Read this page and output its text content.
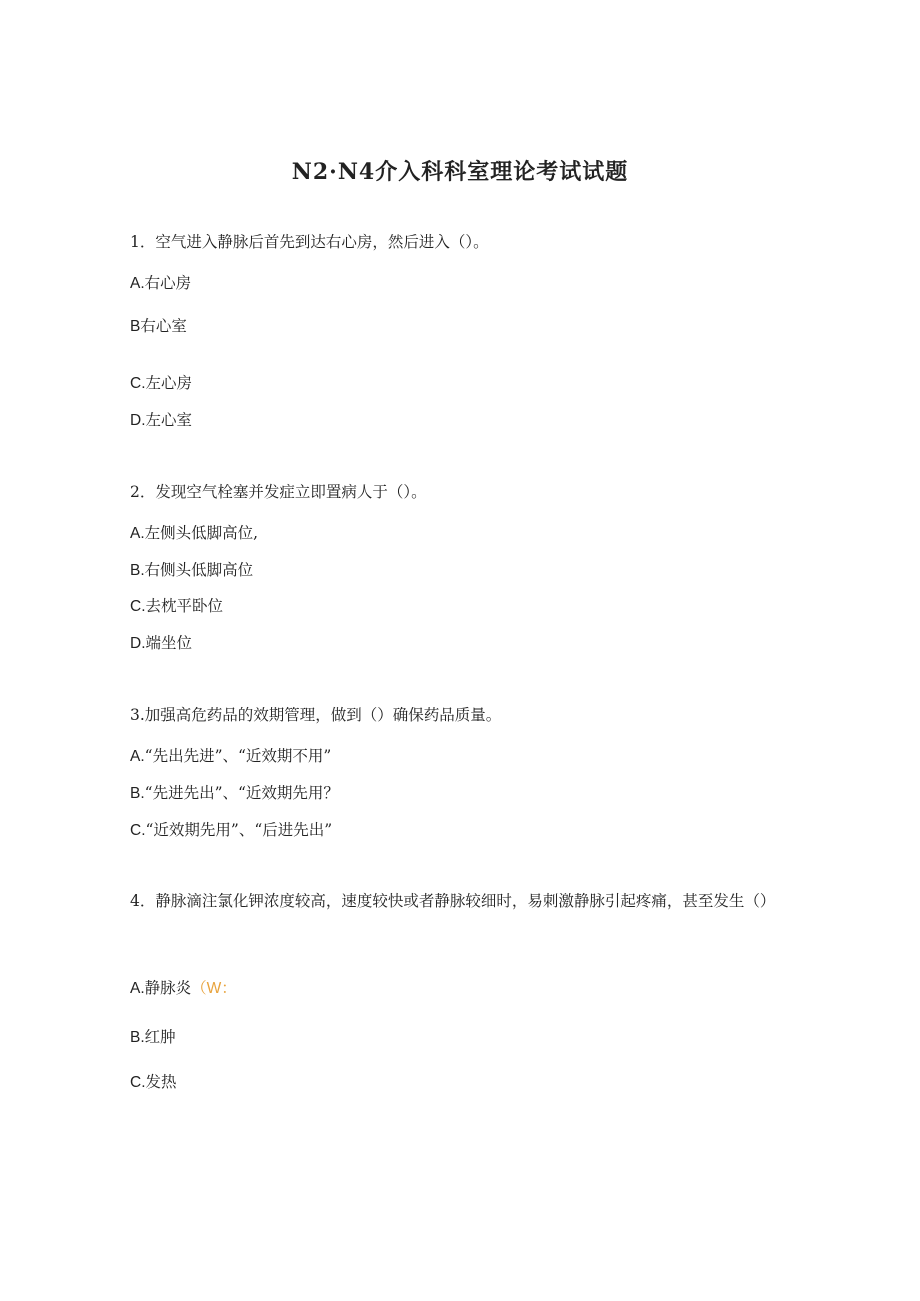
N2·N4介入科科室理论考试试题
1．空气进入静脉后首先到达右心房，然后进入（）。
A.右心房
B右心室
C.左心房
D.左心室
2．发现空气栓塞并发症立即置病人于（）。
A.左侧头低脚高位,
B.右侧头低脚高位
C.去枕平卧位
D.端坐位
3.加强高危药品的效期管理，做到（）确保药品质量。
A.“先出先进”、“近效期不用”
B.“先进先出”、“近效期先用？
C.“近效期先用”、“后进先出”
4．静脉滴注氯化钾浓度较高，速度较快或者静脉较细时，易刺激静脉引起疼痛，甚至发生（）
A.静脉炎（W：
B.红肿
C.发热
